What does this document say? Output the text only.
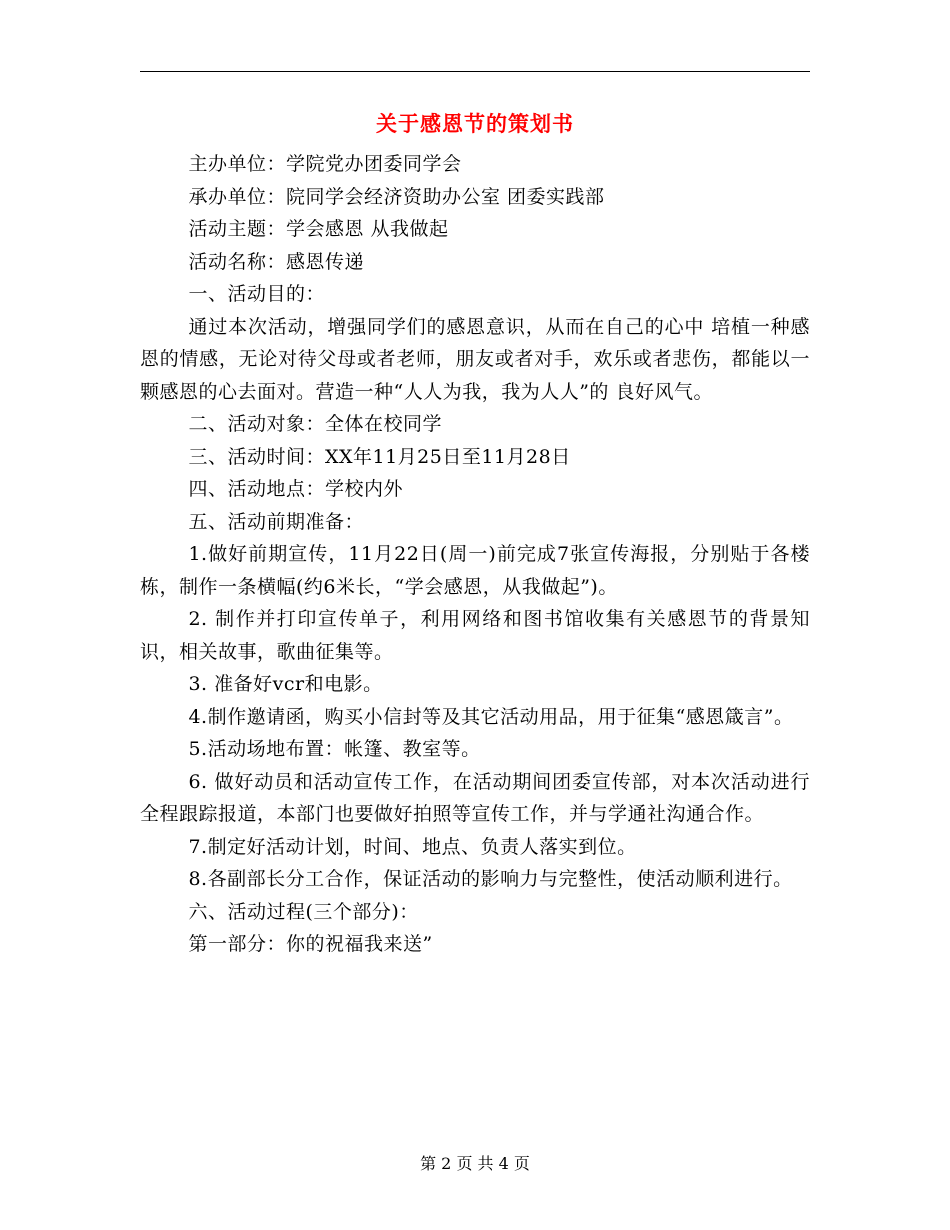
关于感恩节的策划书

主办单位：学院党办团委同学会

承办单位：院同学会经济资助办公室 团委实践部

活动主题：学会感恩 从我做起

活动名称：感恩传递

一、活动目的：

通过本次活动，增强同学们的感恩意识，从而在自己的心中 培植一种感恩的情感，无论对待父母或者老师，朋友或者对手，欢乐或者悲伤，都能以一颗感恩的心去面对。营造一种“人人为我，我为人人”的 良好风气。

二、活动对象：全体在校同学

三、活动时间：XX年11月25日至11月28日

四、活动地点：学校内外

五、活动前期准备：

1.做好前期宣传，11月22日(周一)前完成7张宣传海报，分别贴于各楼栋，制作一条横幅(约6米长，“学会感恩，从我做起”)。

2. 制作并打印宣传单子，利用网络和图书馆收集有关感恩节的背景知识，相关故事，歌曲征集等。

3. 准备好vcr和电影。

4.制作邀请函，购买小信封等及其它活动用品，用于征集“感恩箴言”。

5.活动场地布置：帐篷、教室等。

6. 做好动员和活动宣传工作，在活动期间团委宣传部，对本次活动进行全程跟踪报道，本部门也要做好拍照等宣传工作，并与学通社沟通合作。

7.制定好活动计划，时间、地点、负责人落实到位。

8.各副部长分工合作，保证活动的影响力与完整性，使活动顺利进行。

六、活动过程(三个部分)：

第一部分：你的祝福我来送”

第 2 页 共 4 页
